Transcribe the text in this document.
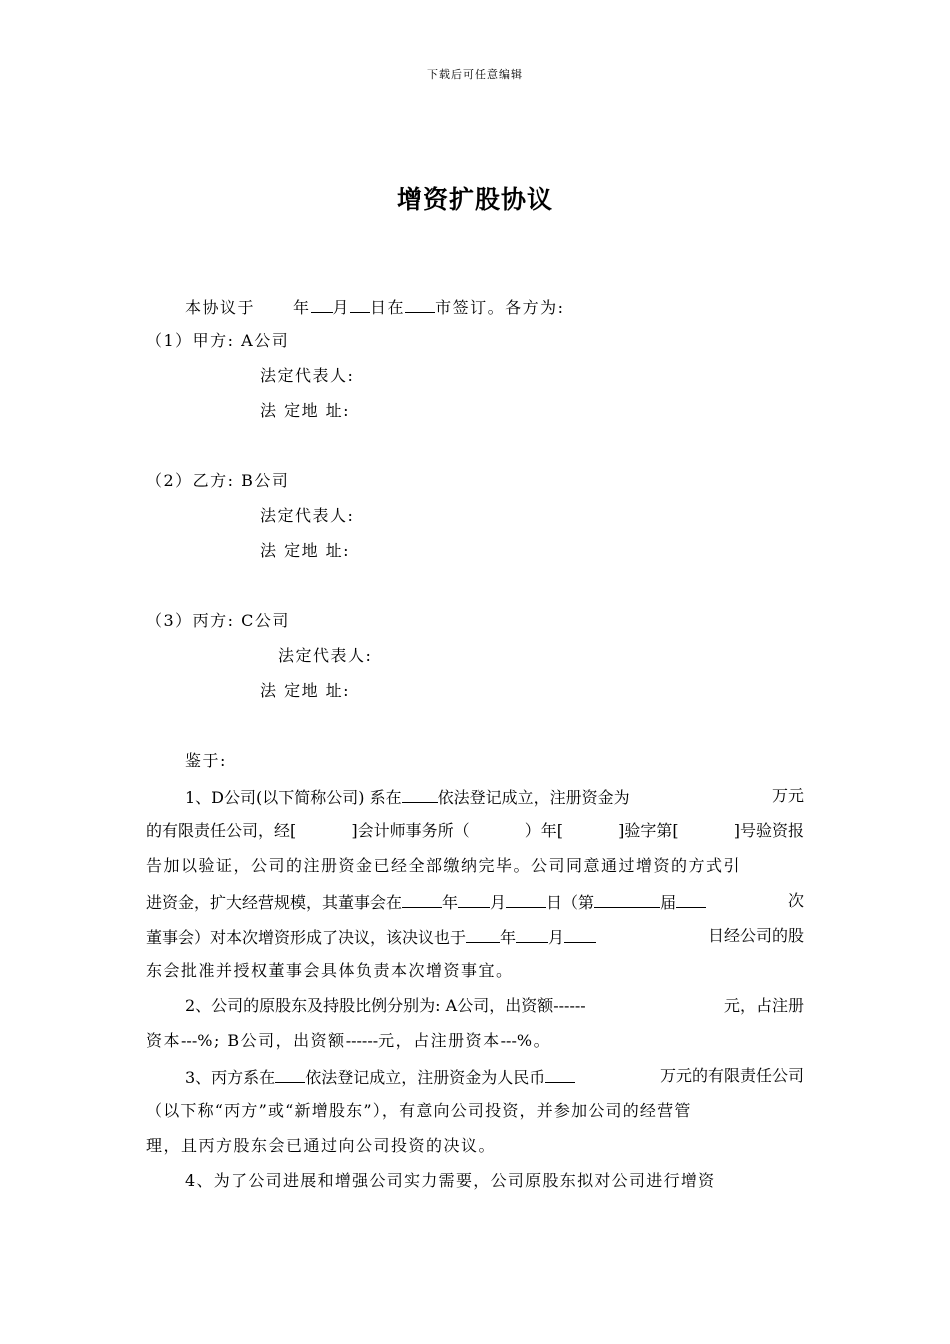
下载后可任意编辑
增资扩股协议
本协议于 年 月 日在 市签订。各方为:
（1）甲方: A公司
法定代表人:
法 定地 址:
（2）乙方: B公司
法定代表人:
法 定地 址:
（3）丙方: C公司
法定代表人:
法 定地 址:
鉴于:
1、D公司(以下简称公司) 系在 依法登记成立，注册资金为	万元
的有限责任公司，经[	]会计师事务所（	）年[	]验字第[	]号验资报
告加以验证，公司的注册资金已经全部缴纳完毕。公司同意通过增资的方式引
进资金，扩大经营规模，其董事会在	年 月	日（第	届	次
董事会）对本次增资形成了决议，该决议也于 年 月	日经公司的股
东会批准并授权董事会具体负责本次增资事宜。
2、公司的原股东及持股比例分别为: A公司，出资额------	元，占注册
资本---%; B公司，出资额------元，占注册资本---%。
3、丙方系在 依法登记成立，注册资金为人民币	万元的有限责任公司
（以下称“丙方”或“新增股东”），有意向公司投资，并参加公司的经营管
理，且丙方股东会已通过向公司投资的决议。
4、为了公司进展和增强公司实力需要，公司原股东拟对公司进行增资
